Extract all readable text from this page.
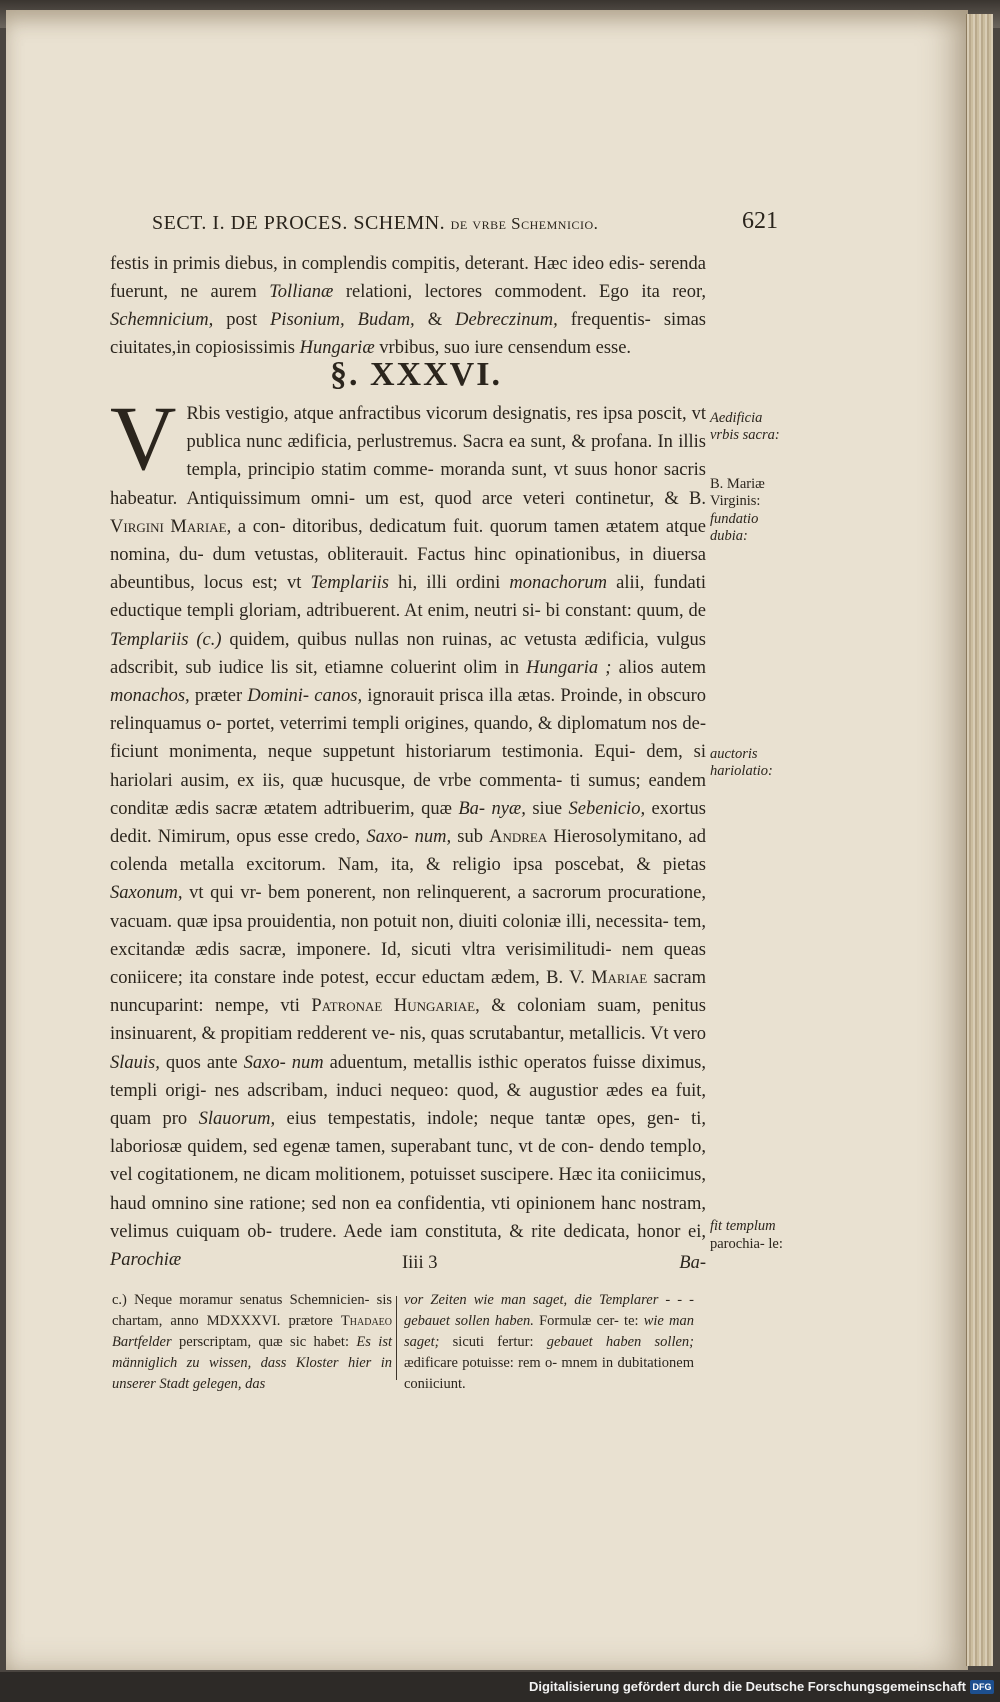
SECT. I. DE PROCES. SCHEMN. de vrbe Schemnicio.	621
festis in primis diebus, in complendis compitis, deterant. Hæc ideo edis- serenda fuerunt, ne aurem Tollianæ relationi, lectores commodent. Ego ita reor, Schemnicium, post Pisonium, Budam, & Debreczinum, frequentis- simas ciuitates,in copiosissimis Hungariæ vrbibus, suo iure censendum esse.
§. XXXVI.
V Rbis vestigio, atque anfractibus vicorum designatis, res ipsa poscit, vt publica nunc ædificia, perlustremus. Sacra ea sunt, & profana. In illis templa, principio statim comme- moranda sunt, vt suus honor sacris habeatur. Antiquissimum omni- um est, quod arce veteri continetur, & B. Virgini Mariae, a con- ditoribus, dedicatum fuit. quorum tamen ætatem atque nomina, du- dum vetustas, obliterauit. Factus hinc opinationibus, in diuersa abeuntibus, locus est; vt Templariis hi, illi ordini monachorum alii, fundati eductique templi gloriam, adtribuerent. At enim, neutri si- bi constant: quum, de Templariis (c.) quidem, quibus nullas non ruinas, ac vetusta ædificia, vulgus adscribit, sub iudice lis sit, etiamne coluerint olim in Hungaria ; alios autem monachos, præter Domini- canos, ignorauit prisca illa ætas. Proinde, in obscuro relinquamus o- portet, veterrimi templi origines, quando, & diplomatum nos de- ficiunt monimenta, neque suppetunt historiarum testimonia. Equi- dem, si hariolari ausim, ex iis, quæ hucusque, de vrbe commenta- ti sumus; eandem conditæ ædis sacræ ætatem adtribuerim, quæ Ba- nyæ, siue Sebenicio, exortus dedit. Nimirum, opus esse credo, Saxo- num, sub Andrea Hierosolymitano, ad colenda metalla excitorum. Nam, ita, & religio ipsa poscebat, & pietas Saxonum, vt qui vr- bem ponerent, non relinquerent, a sacrorum procuratione, vacuam. quæ ipsa prouidentia, non potuit non, diuiti coloniæ illi, necessita- tem, excitandæ ædis sacræ, imponere. Id, sicuti vltra verisimilitudi- nem queas coniicere; ita constare inde potest, eccur eductam ædem, B. V. Mariae sacram nuncuparint: nempe, vti Patronae Hungariae, & coloniam suam, penitus insinuarent, & propitiam redderent ve- nis, quas scrutabantur, metallicis. Vt vero Slauis, quos ante Saxo- num aduentum, metallis isthic operatos fuisse diximus, templi origi- nes adscribam, induci nequeo: quod, & augustior ædes ea fuit, quam pro Slauorum, eius tempestatis, indole; neque tantæ opes, gen- ti, laboriosæ quidem, sed egenæ tamen, superabant tunc, vt de con- dendo templo, vel cogitationem, ne dicam molitionem, potuisset suscipere. Hæc ita coniicimus, haud omnino sine ratione; sed non ea confidentia, vti opinionem hanc nostram, velimus cuiquam ob- trudere. Aede iam constituta, & rite dedicata, honor ei, Parochiæ	Iiii 3	Ba-
Aedificia vrbis sacra:
B. Mariæ Virginis:
fundatio dubia:
auctoris hariolatio:
fit templum
parochia- le:
c.) Neque moramur senatus Schemnicien- sis chartam, anno MDXXXVI. prætore Thadaeo Bartfelder perscriptam, quæ sic habet: Es ist männiglich zu wissen, dass Kloster hier in unserer Stadt gelegen, das
vor Zeiten wie man saget, die Templarer - - - gebauet sollen haben. Formulæ cer- te: wie man saget; sicuti fertur: gebauet haben sollen; ædificare potuisse: rem o- mnem in dubitationem coniiciunt.
Digitalisierung gefördert durch die Deutsche Forschungsgemeinschaft DFG
